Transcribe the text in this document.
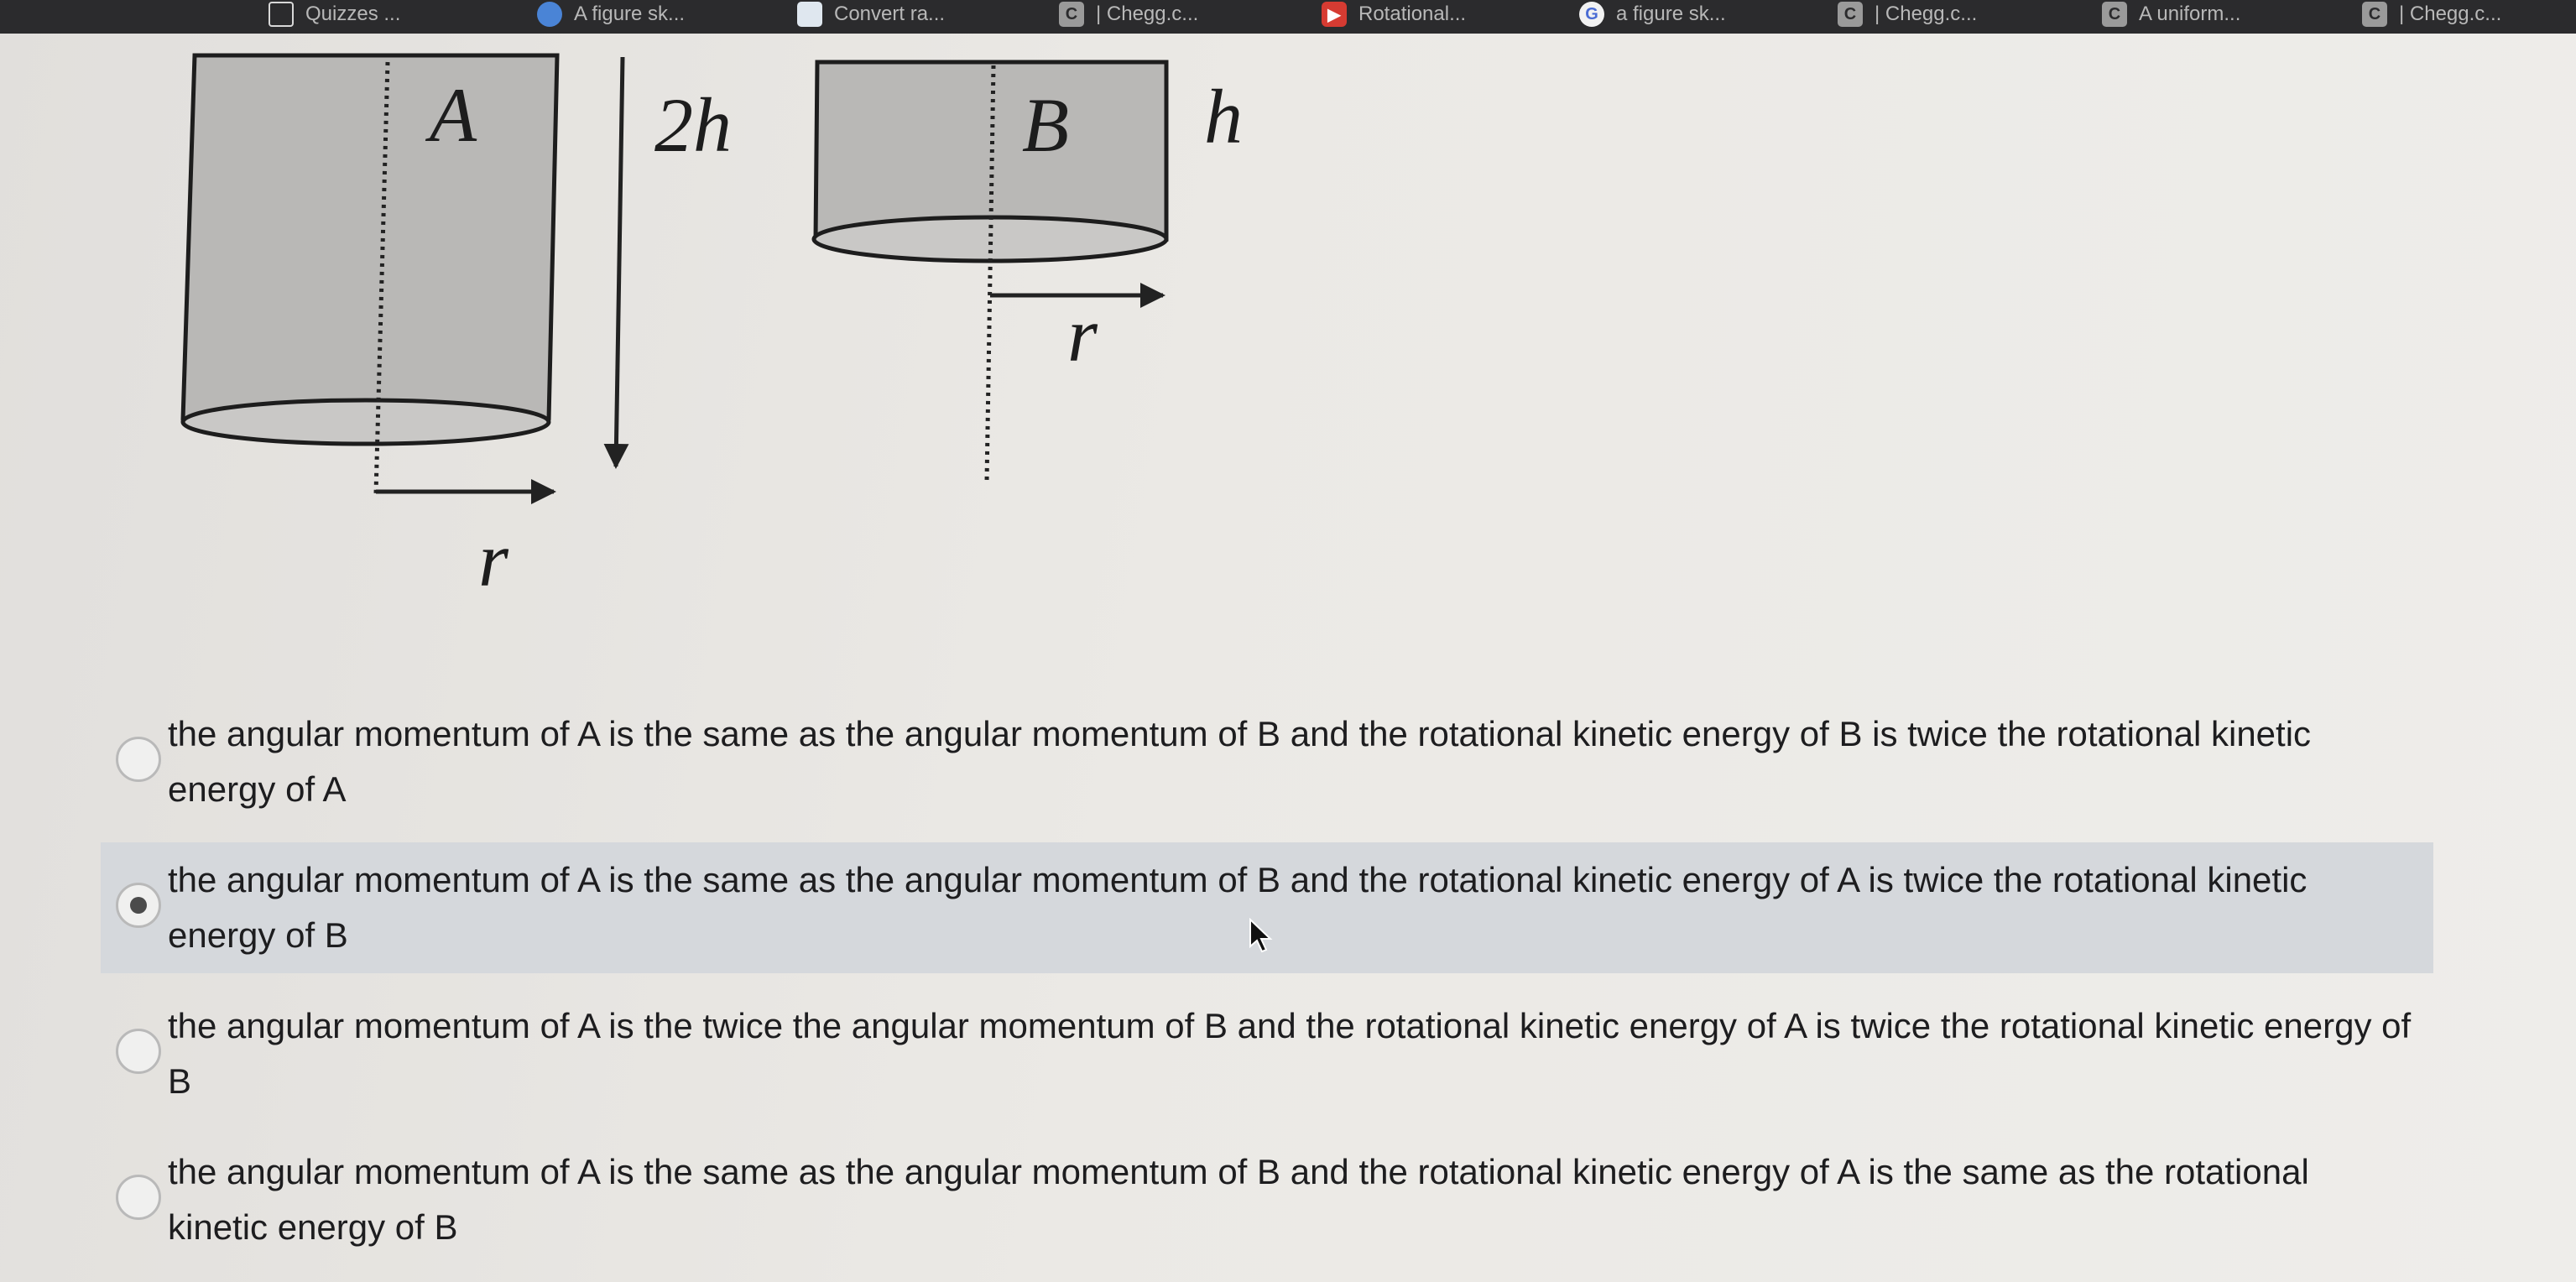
Quizzes ...	A figure sk...	Convert ra...	C | Chegg.c...	▶ Rotational...	G a figure sk...	C | Chegg.c...	C A uniform...	C | Chegg.c...
A 2h
r
B h
r
the angular momentum of A is the same as the angular momentum of B and the rotational kinetic energy of B is twice the rotational kinetic energy of A
the angular momentum of A is the same as the angular momentum of B and the rotational kinetic energy of A is twice the rotational kinetic energy of B
the angular momentum of A is the twice the angular momentum of B and the rotational kinetic energy of A is twice the rotational kinetic energy of B
the angular momentum of A is the same as the angular momentum of B and the rotational kinetic energy of A is the same as the rotational kinetic energy of B
